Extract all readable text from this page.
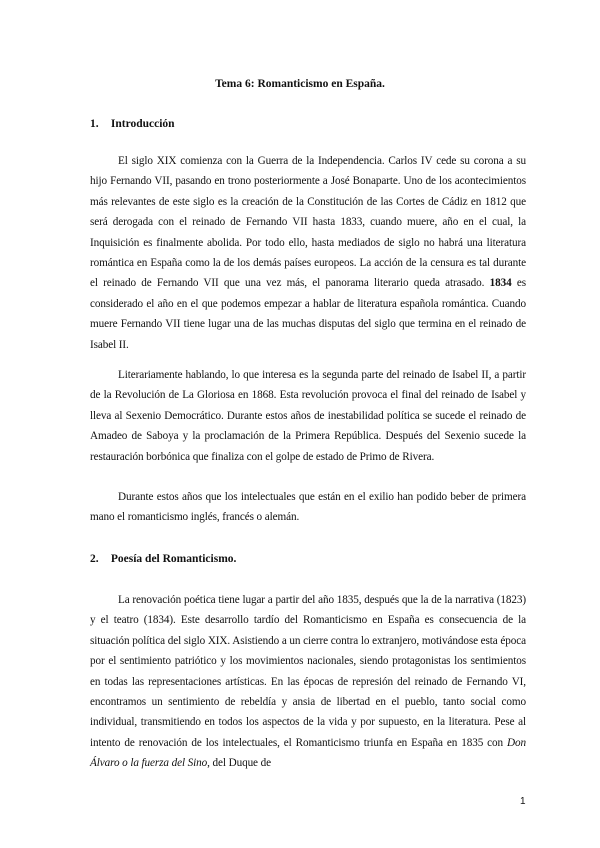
Tema 6: Romanticismo en España.
1. Introducción

El siglo XIX comienza con la Guerra de la Independencia. Carlos IV cede su corona a su hijo Fernando VII, pasando en trono posteriormente a José Bonaparte. Uno de los acontecimientos más relevantes de este siglo es la creación de la Constitución de las Cortes de Cádiz en 1812 que será derogada con el reinado de Fernando VII hasta 1833, cuando muere, año en el cual, la Inquisición es finalmente abolida. Por todo ello, hasta mediados de siglo no habrá una literatura romántica en España como la de los demás países europeos. La acción de la censura es tal durante el reinado de Fernando VII que una vez más, el panorama literario queda atrasado. 1834 es considerado el año en el que podemos empezar a hablar de literatura española romántica. Cuando muere Fernando VII tiene lugar una de las muchas disputas del siglo que termina en el reinado de Isabel II.

Literariamente hablando, lo que interesa es la segunda parte del reinado de Isabel II, a partir de la Revolución de La Gloriosa en 1868. Esta revolución provoca el final del reinado de Isabel y lleva al Sexenio Democrático. Durante estos años de inestabilidad política se sucede el reinado de Amadeo de Saboya y la proclamación de la Primera República. Después del Sexenio sucede la restauración borbónica que finaliza con el golpe de estado de Primo de Rivera.

Durante estos años que los intelectuales que están en el exilio han podido beber de primera mano el romanticismo inglés, francés o alemán.

2. Poesía del Romanticismo.

La renovación poética tiene lugar a partir del año 1835, después que la de la narrativa (1823) y el teatro (1834). Este desarrollo tardío del Romanticismo en España es consecuencia de la situación política del siglo XIX. Asistiendo a un cierre contra lo extranjero, motivándose esta época por el sentimiento patriótico y los movimientos nacionales, siendo protagonistas los sentimientos en todas las representaciones artísticas. En las épocas de represión del reinado de Fernando VI, encontramos un sentimiento de rebeldía y ansia de libertad en el pueblo, tanto social como individual, transmitiendo en todos los aspectos de la vida y por supuesto, en la literatura. Pese al intento de renovación de los intelectuales, el Romanticismo triunfa en España en 1835 con Don Álvaro o la fuerza del Sino, del Duque de

1
